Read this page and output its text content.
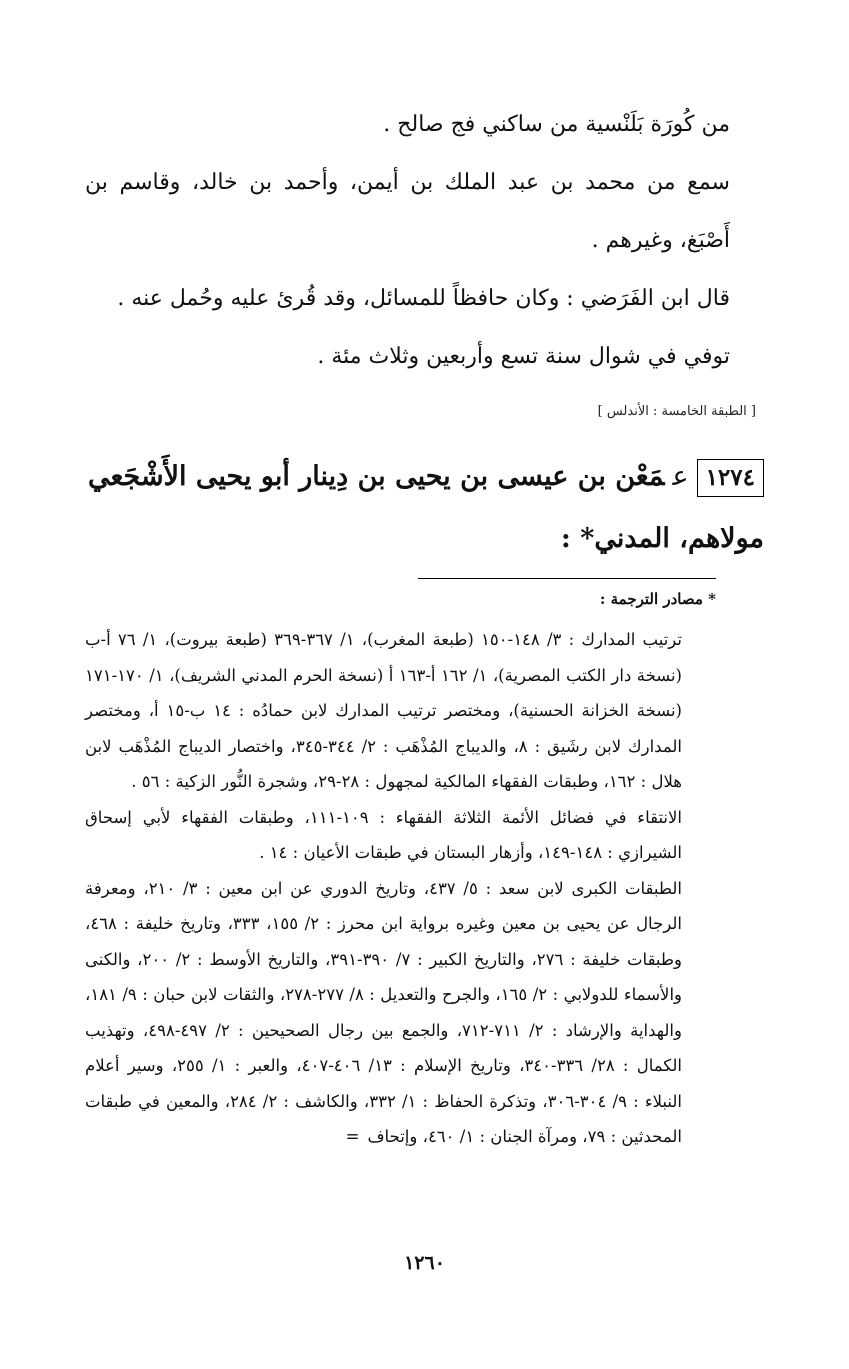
من كُورَة بَلَنْسية من ساكني فج صالح .

سمع من محمد بن عبد الملك بن أيمن، وأحمد بن خالد، وقاسم بن أَصْبَغ، وغيرهم .

قال ابن الفَرَضي : وكان حافظاً للمسائل، وقد قُرئ عليه وحُمل عنه .

توفي في شوال سنة تسع وأربعين وثلاث مئة .

[ الطبقة الخامسة : الأندلس ]
١٢٧٤عمَعْن بن عيسى بن يحيى بن دِينار أبو يحيى الأَشْجَعي مولاهم، المدني* :
* مصادر الترجمة :

ترتيب المدارك : ٣/ ١٤٨-١٥٠ (طبعة المغرب)، ١/ ٣٦٧-٣٦٩ (طبعة بيروت)، ١/ ٧٦ أ-ب (نسخة دار الكتب المصرية)، ١/ ١٦٢ أ-١٦٣ أ (نسخة الحرم المدني الشريف)، ١/ ١٧٠-١٧١ (نسخة الخزانة الحسنية)، ومختصر ترتيب المدارك لابن حمادُه : ١٤ ب-١٥ أ، ومختصر المدارك لابن رشَيق : ٨، والديباج المُذْهَب : ٢/ ٣٤٤-٣٤٥، واختصار الديباج المُذْهَب لابن هلال : ١٦٢، وطبقات الفقهاء المالكية لمجهول : ٢٨-٢٩، وشجرة النُّور الزكية : ٥٦ .

الانتقاء في فضائل الأئمة الثلاثة الفقهاء : ١٠٩-١١١، وطبقات الفقهاء لأبي إسحاق الشيرازي : ١٤٨-١٤٩، وأزهار البستان في طبقات الأعيان : ١٤ .

الطبقات الكبرى لابن سعد : ٥/ ٤٣٧، وتاريخ الدوري عن ابن معين : ٣/ ٢١٠، ومعرفة الرجال عن يحيى بن معين وغيره برواية ابن محرز : ٢/ ١٥٥، ٣٣٣، وتاريخ خليفة : ٤٦٨، وطبقات خليفة : ٢٧٦، والتاريخ الكبير : ٧/ ٣٩٠-٣٩١، والتاريخ الأوسط : ٢/ ٢٠٠، والكنى والأسماء للدولابي : ٢/ ١٦٥، والجرح والتعديل : ٨/ ٢٧٧-٢٧٨، والثقات لابن حبان : ٩/ ١٨١، والهداية والإرشاد : ٢/ ٧١١-٧١٢، والجمع بين رجال الصحيحين : ٢/ ٤٩٧-٤٩٨، وتهذيب الكمال : ٢٨/ ٣٣٦-٣٤٠، وتاريخ الإسلام : ١٣/ ٤٠٦-٤٠٧، والعبر : ١/ ٢٥٥، وسير أعلام النبلاء : ٩/ ٣٠٤-٣٠٦، وتذكرة الحفاظ : ١/ ٣٣٢، والكاشف : ٢/ ٢٨٤، والمعين في طبقات المحدثين : ٧٩، ومرآة الجنان : ١/ ٤٦٠، وإتحاف=

١٢٦٠
